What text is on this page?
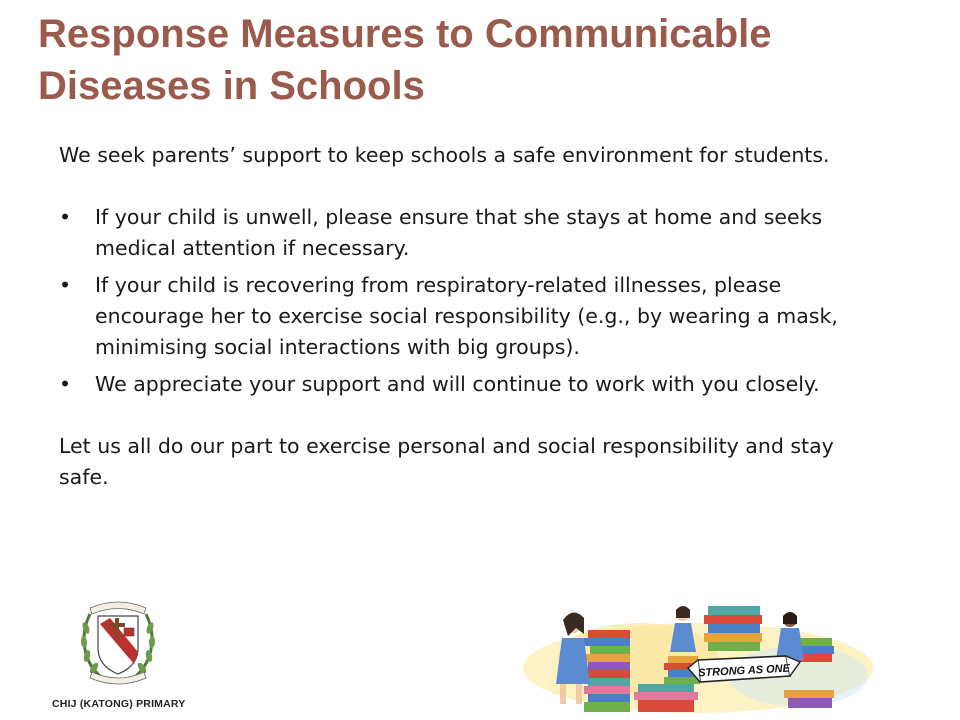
Response Measures to Communicable Diseases in Schools

We seek parents’ support to keep schools a safe environment for students.

• If your child is unwell, please ensure that she stays at home and seeks medical attention if necessary.
• If your child is recovering from respiratory-related illnesses, please encourage her to exercise social responsibility (e.g., by wearing a mask, minimising social interactions with big groups).
• We appreciate your support and will continue to work with you closely.

Let us all do our part to exercise personal and social responsibility and stay safe.

CHIJ (KATONG) PRIMARY
STRONG AS ONE
